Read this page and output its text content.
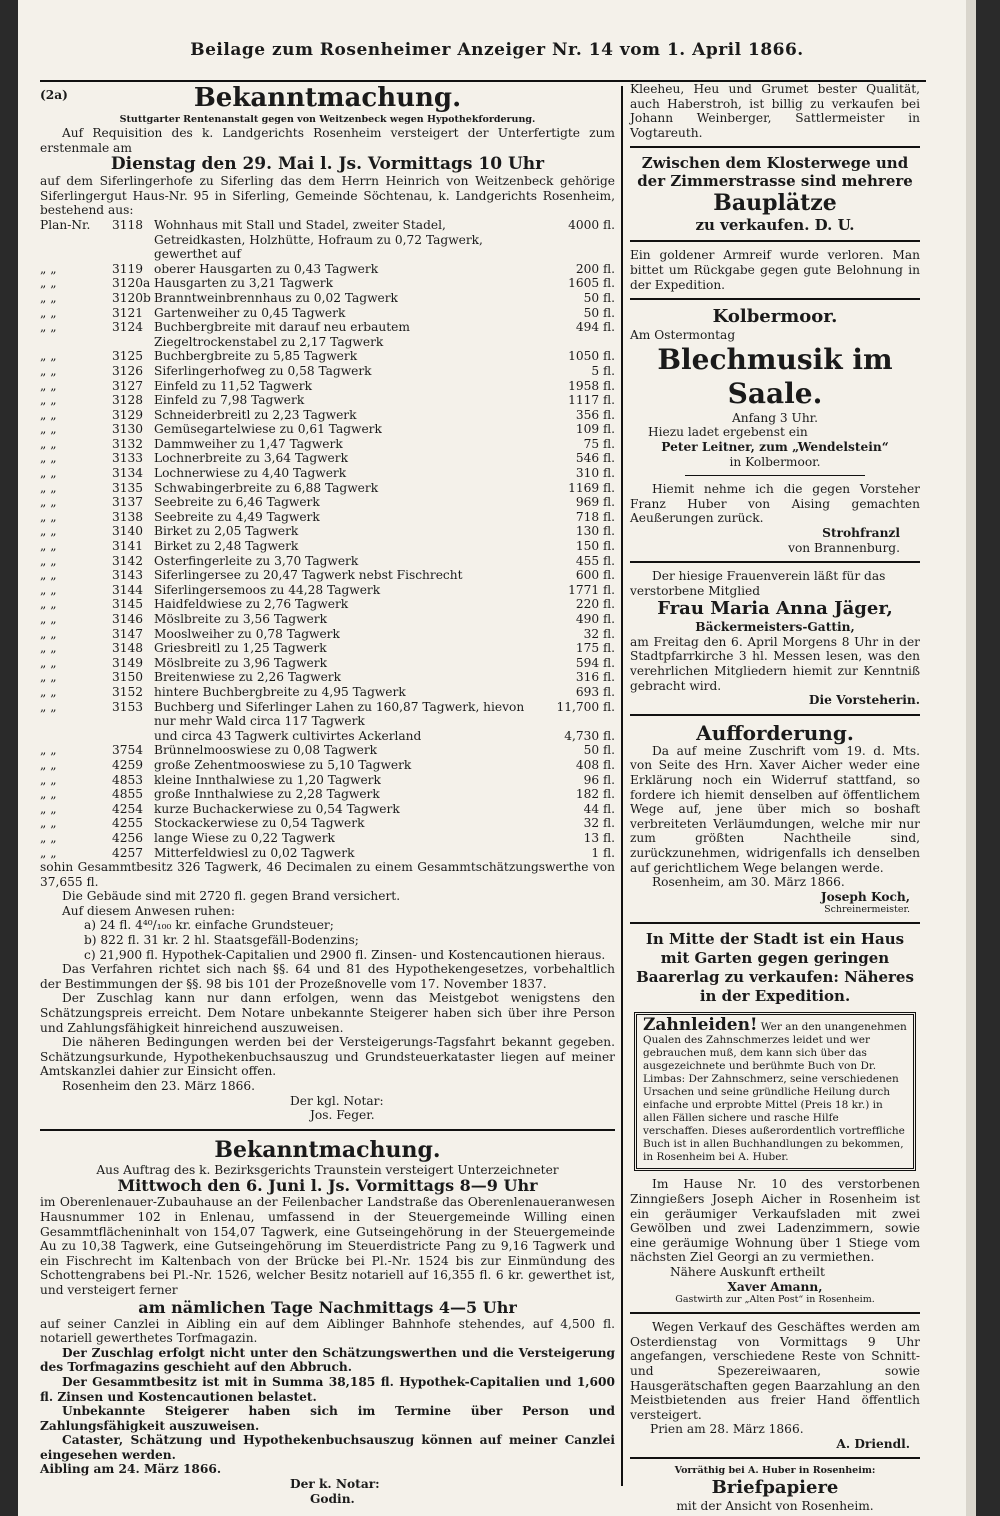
Beilage zum Rosenheimer Anzeiger Nr. 14 vom 1. April 1866.
(2a)	Bekanntmachung.
Stuttgarter Rentenanstalt gegen von Weitzenbeck wegen Hypothekforderung.

Auf Requisition des k. Landgerichts Rosenheim versteigert der Unterfertigte zum erstenmale am

Dienstag den 29. Mai l. Js. Vormittags 10 Uhr

auf dem Siferlingerhofe zu Siferling das dem Herrn Heinrich von Weitzenbeck gehörige Siferlingergut Haus-Nr. 95 in Siferling, Gemeinde Söchtenau, k. Landgerichts Rosenheim, bestehend aus:

Plan-Nr.	3118 Wohnhaus mit Stall und Stadel, zweiter Stadel, Getreidkasten, Holzhütte, Hofraum zu 0,72 Tagwerk, gewerthet auf
4000 fl.
„ „	3119 oberer Hausgarten zu 0,43 Tagwerk	200 fl.
„ „	3120a Hausgarten zu 3,21 Tagwerk	1605 fl.
„ „	3120b Branntweinbrennhaus zu 0,02 Tagwerk	50 fl.
„ „	3121 Gartenweiher zu 0,45 Tagwerk	50 fl.
„ „	3124 Buchbergbreite mit darauf neu erbautem Ziegeltrockenstabel zu 2,17 Tagwerk
494 fl.
„ „	3125 Buchbergbreite zu 5,85 Tagwerk	1050 fl.
„ „	3126 Siferlingerhofweg zu 0,58 Tagwerk	5 fl.
„ „	3127 Einfeld zu 11,52 Tagwerk	1958 fl.
„ „	3128 Einfeld zu 7,98 Tagwerk	1117 fl.
„ „	3129 Schneiderbreitl zu 2,23 Tagwerk	356 fl.
„ „	3130 Gemüsegartelwiese zu 0,61 Tagwerk	109 fl.
„ „	3132 Dammweiher zu 1,47 Tagwerk	75 fl.
„ „	3133 Lochnerbreite zu 3,64 Tagwerk	546 fl.
„ „	3134 Lochnerwiese zu 4,40 Tagwerk	310 fl.
„ „	3135 Schwabingerbreite zu 6,88 Tagwerk	1169 fl.
„ „	3137 Seebreite zu 6,46 Tagwerk	969 fl.
„ „	3138 Seebreite zu 4,49 Tagwerk	718 fl.
„ „	3140 Birket zu 2,05 Tagwerk	130 fl.
„ „	3141 Birket zu 2,48 Tagwerk	150 fl.
„ „	3142 Osterfingerleite zu 3,70 Tagwerk	455 fl.
„ „	3143 Siferlingersee zu 20,47 Tagwerk nebst Fischrecht	600 fl.
„ „	3144 Siferlingersemoos zu 44,28 Tagwerk	1771 fl.
„ „	3145 Haidfeldwiese zu 2,76 Tagwerk	220 fl.
„ „	3146 Möslbreite zu 3,56 Tagwerk	490 fl.
„ „	3147 Mooslweiher zu 0,78 Tagwerk	32 fl.
„ „	3148 Griesbreitl zu 1,25 Tagwerk	175 fl.
„ „	3149 Möslbreite zu 3,96 Tagwerk	594 fl.
„ „	3150 Breitenwiese zu 2,26 Tagwerk	316 fl.
„ „	3152 hintere Buchbergbreite zu 4,95 Tagwerk	693 fl.
„ „	3153 Buchberg und Siferlinger Lahen zu 160,87 Tagwerk, hievon nur mehr Wald circa 117 Tagwerk
11,700 fl.
und circa 43 Tagwerk cultivirtes Ackerland	4,730 fl.
„ „	3754 Brünnelmooswiese zu 0,08 Tagwerk	50 fl.
„ „	4259 große Zehentmooswiese zu 5,10 Tagwerk	408 fl.
„ „	4853 kleine Innthalwiese zu 1,20 Tagwerk	96 fl.
„ „	4855 große Innthalwiese zu 2,28 Tagwerk	182 fl.
„ „	4254 kurze Buchackerwiese zu 0,54 Tagwerk	44 fl.
„ „	4255 Stockackerwiese zu 0,54 Tagwerk	32 fl.
„ „	4256 lange Wiese zu 0,22 Tagwerk	13 fl.
„ „	4257 Mitterfeldwiesl zu 0,02 Tagwerk	1 fl.

sohin Gesammtbesitz 326 Tagwerk, 46 Decimalen zu einem Gesammtschätzungswerthe von 37,655 fl.

Die Gebäude sind mit 2720 fl. gegen Brand versichert.

Auf diesem Anwesen ruhen:

a) 24 fl. 4⁴⁰/₁₀₀ kr. einfache Grundsteuer;
b) 822 fl. 31 kr. 2 hl. Staatsgefäll-Bodenzins;
c) 21,900 fl. Hypothek-Capitalien und 2900 fl. Zinsen- und Kostencautionen hieraus.

Das Verfahren richtet sich nach §§. 64 und 81 des Hypothekengesetzes, vorbehaltlich der Bestimmungen der §§. 98 bis 101 der Prozeßnovelle vom 17. November 1837.

Der Zuschlag kann nur dann erfolgen, wenn das Meistgebot wenigstens den Schätzungspreis erreicht. Dem Notare unbekannte Steigerer haben sich über ihre Person und Zahlungsfähigkeit hinreichend auszuweisen.

Die näheren Bedingungen werden bei der Versteigerungs-Tagsfahrt bekannt gegeben. Schätzungsurkunde, Hypothekenbuchsauszug und Grundsteuerkataster liegen auf meiner Amtskanzlei dahier zur Einsicht offen.

Rosenheim den 23. März 1866.

Der kgl. Notar:
Jos. Feger.
Bekanntmachung.

Aus Auftrag des k. Bezirksgerichts Traunstein versteigert Unterzeichneter

Mittwoch den 6. Juni l. Js. Vormittags 8—9 Uhr

im Oberenlenauer-Zubauhause an der Feilenbacher Landstraße das Oberenlenaueranwesen Hausnummer 102 in Enlenau, umfassend in der Steuergemeinde Willing einen Gesammtflächeninhalt von 154,07 Tagwerk, eine Gutseingehörung in der Steuergemeinde Au zu 10,38 Tagwerk, eine Gutseingehörung im Steuerdistricte Pang zu 9,16 Tagwerk und ein Fischrecht im Kaltenbach von der Brücke bei Pl.-Nr. 1524 bis zur Einmündung des Schottengrabens bei Pl.-Nr. 1526, welcher Besitz notariell auf 16,355 fl. 6 kr. gewerthet ist, und versteigert ferner

am nämlichen Tage Nachmittags 4—5 Uhr

auf seiner Canzlei in Aibling ein auf dem Aiblinger Bahnhofe stehendes, auf 4,500 fl. notariell gewerthetes Torfmagazin.

Der Zuschlag erfolgt nicht unter den Schätzungswerthen und die Versteigerung des Torfmagazins geschieht auf den Abbruch.

Der Gesammtbesitz ist mit in Summa 38,185 fl. Hypothek-Capitalien und 1,600 fl. Zinsen und Kostencautionen belastet.

Unbekannte Steigerer haben sich im Termine über Person und Zahlungsfähigkeit auszuweisen.

Cataster, Schätzung und Hypothekenbuchsauszug können auf meiner Canzlei eingesehen werden.

Aibling am 24. März 1866.

Der k. Notar:
Godin.

Kleeheu, Heu und Grumet bester Qualität, auch Haberstroh, ist billig zu verkaufen bei Johann Weinberger, Sattlermeister in Vogtareuth.

Zwischen dem Klosterwege und der Zimmerstrasse sind mehrere
Bauplätze
zu verkaufen. D. U.

Ein goldener Armreif wurde verloren. Man bittet um Rückgabe gegen gute Belohnung in der Expedition.

Kolbermoor.
Am Ostermontag
Blechmusik im Saale.
Anfang 3 Uhr.
Hiezu ladet ergebenst ein
Peter Leitner, zum „Wendelstein“
in Kolbermoor.

Hiemit nehme ich die gegen Vorsteher Franz Huber von Aising gemachten Aeußerungen zurück.

Strohfranzl
von Brannenburg.

Der hiesige Frauenverein läßt für das verstorbene Mitglied

Frau Maria Anna Jäger,
Bäckermeisters-Gattin,

am Freitag den 6. April Morgens 8 Uhr in der Stadtpfarrkirche 3 hl. Messen lesen, was den verehrlichen Mitgliedern hiemit zur Kenntniß gebracht wird.

Die Vorsteherin.
Aufforderung.

Da auf meine Zuschrift vom 19. d. Mts. von Seite des Hrn. Xaver Aicher weder eine Erklärung noch ein Widerruf stattfand, so fordere ich hiemit denselben auf öffentlichem Wege auf, jene über mich so boshaft verbreiteten Verläumdungen, welche mir nur zum größten Nachtheile sind, zurückzunehmen, widrigenfalls ich denselben auf gerichtlichem Wege belangen werde.

Rosenheim, am 30. März 1866.

Joseph Koch,
Schreinermeister.

In Mitte der Stadt ist ein Haus mit Garten gegen geringen Baarerlag zu verkaufen: Näheres in der Expedition.

Zahnleiden! Wer an den unangenehmen Qualen des Zahnschmerzes leidet und wer gebrauchen muß, dem kann sich über das ausgezeichnete und berühmte Buch von Dr. Limbas: Der Zahnschmerz, seine verschiedenen Ursachen und seine gründliche Heilung durch einfache und erprobte Mittel (Preis 18 kr.) in allen Fällen sichere und rasche Hilfe verschaffen. Dieses außerordentlich vortreffliche Buch ist in allen Buchhandlungen zu bekommen, in Rosenheim bei A. Huber.

Im Hause Nr. 10 des verstorbenen Zinngießers Joseph Aicher in Rosenheim ist ein geräumiger Verkaufsladen mit zwei Gewölben und zwei Ladenzimmern, sowie eine geräumige Wohnung über 1 Stiege vom nächsten Ziel Georgi an zu vermiethen.

Nähere Auskunft ertheilt
Xaver Amann,
Gastwirth zur „Alten Post“ in Rosenheim.

Wegen Verkauf des Geschäftes werden am Osterdienstag von Vormittags 9 Uhr angefangen, verschiedene Reste von Schnitt- und Spezereiwaaren, sowie Hausgerätschaften gegen Baarzahlung an den Meistbietenden aus freier Hand öffentlich versteigert.

Prien am 28. März 1866.
A. Driendl.
Vorräthig bei A. Huber in Rosenheim:
Briefpapiere
mit der Ansicht von Rosenheim.
